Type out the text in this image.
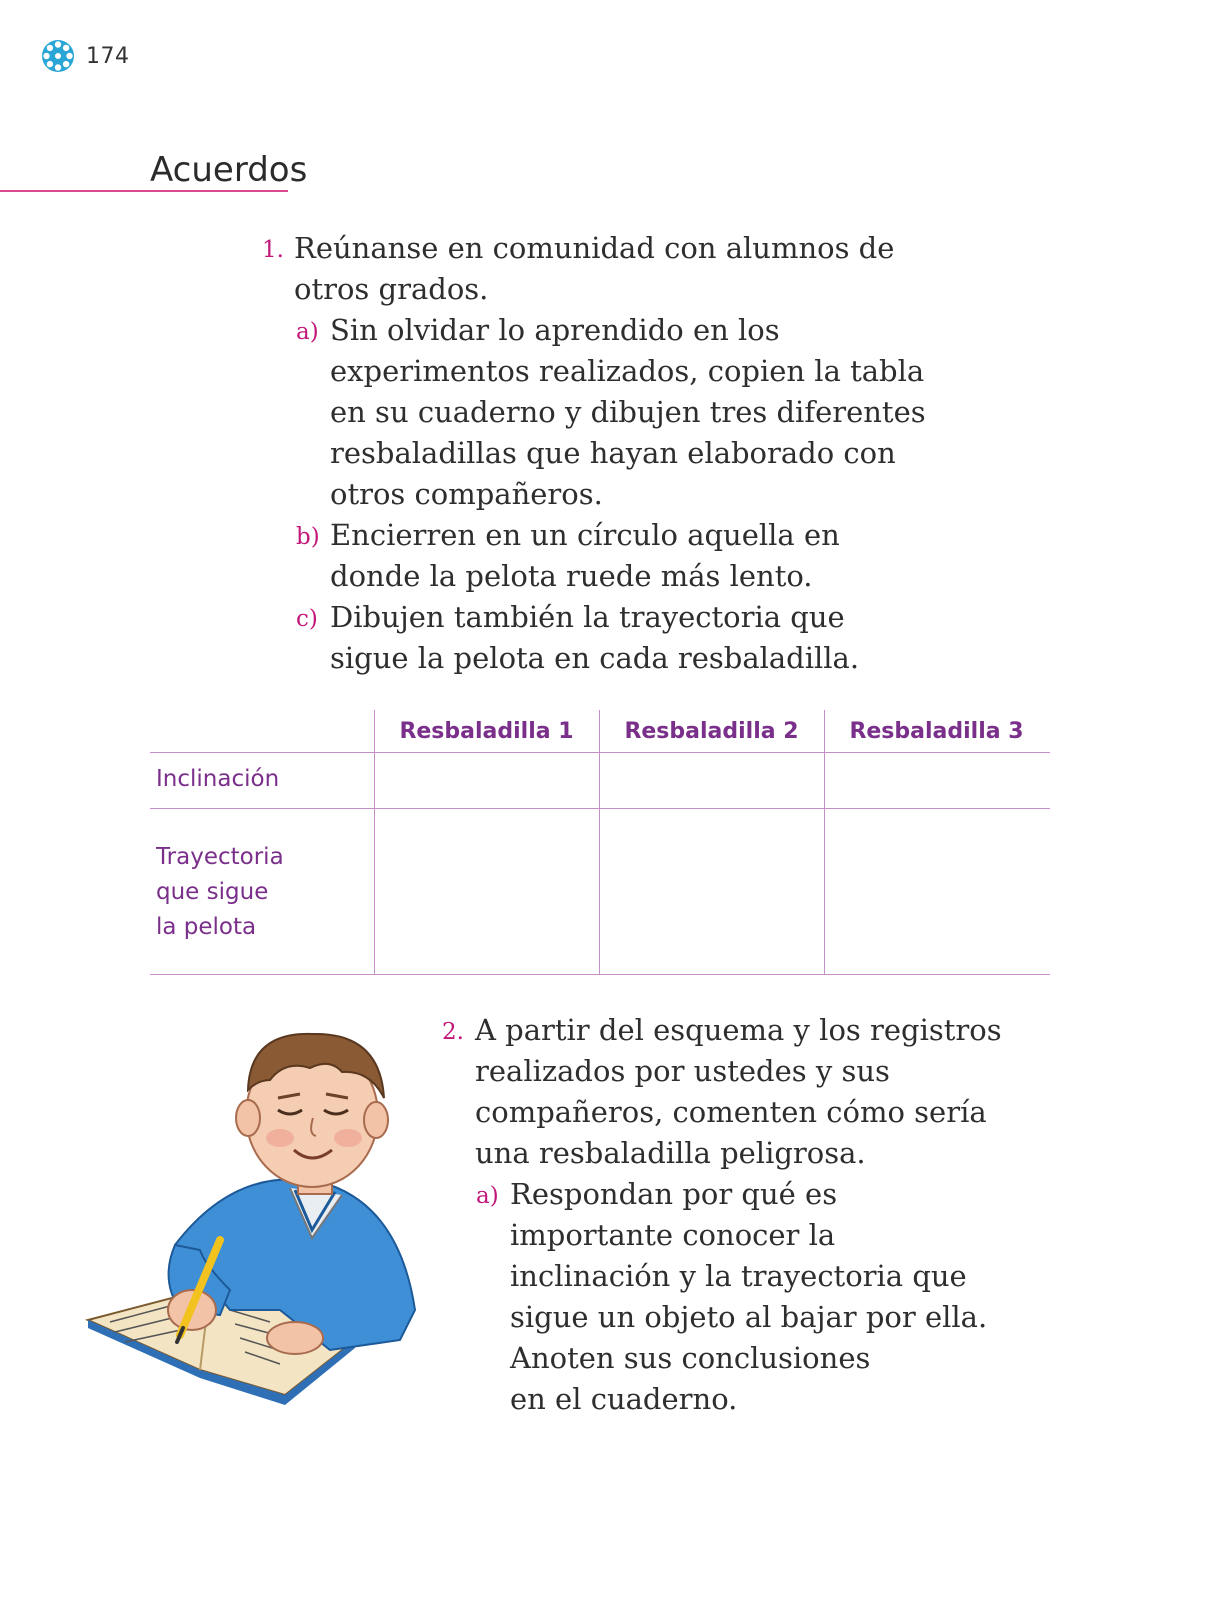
174
Acuerdos
1. Reúnanse en comunidad con alumnos de
otros grados.
a) Sin olvidar lo aprendido en los
experimentos realizados, copien la tabla
en su cuaderno y dibujen tres diferentes
resbaladillas que hayan elaborado con
otros compañeros.
b) Encierren en un círculo aquella en
donde la pelota ruede más lento.
c) Dibujen también la trayectoria que
sigue la pelota en cada resbaladilla.
Resbaladilla 1	Resbaladilla 2	Resbaladilla 3
Inclinación
Trayectoria
que sigue
la pelota
2. A partir del esquema y los registros
realizados por ustedes y sus
compañeros, comenten cómo sería
una resbaladilla peligrosa.
a) Respondan por qué es
importante conocer la
inclinación y la trayectoria que
sigue un objeto al bajar por ella.
Anoten sus conclusiones
en el cuaderno.
